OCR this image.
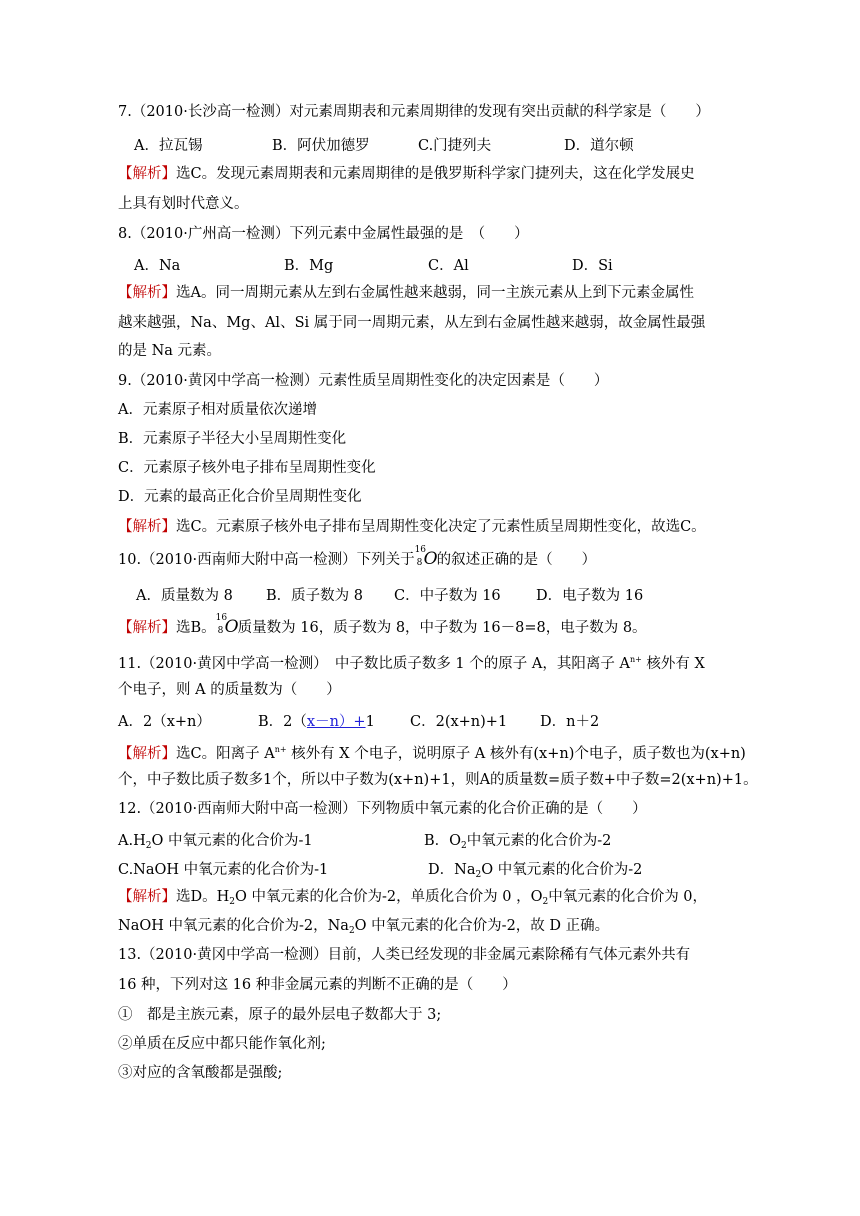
7.（2010·长沙高一检测）对元素周期表和元素周期律的发现有突出贡献的科学家是（　　）
A．拉瓦锡	B．阿伏加德罗	C.门捷列夫	D．道尔顿
【解析】选C。发现元素周期表和元素周期律的是俄罗斯科学家门捷列夫，这在化学发展史
上具有划时代意义。
8.（2010·广州高一检测）下列元素中金属性最强的是　（　　）
A．Na	B．Mg	C．Al	D．Si
【解析】选A。同一周期元素从左到右金属性越来越弱，同一主族元素从上到下元素金属性
越来越强，Na、Mg、Al、Si 属于同一周期元素，从左到右金属性越来越弱，故金属性最强
的是 Na 元素。
9.（2010·黄冈中学高一检测）元素性质呈周期性变化的决定因素是（　　）
A．元素原子相对质量依次递增
B．元素原子半径大小呈周期性变化
C．元素原子核外电子排布呈周期性变化
D．元素的最高正化合价呈周期性变化
【解析】选C。元素原子核外电子排布呈周期性变化决定了元素性质呈周期性变化，故选C。
10.（2010·西南师大附中高一检测）下列关于
16
8 O 的叙述正确的是（　　）
A．质量数为 8 B．质子数为 8 C．中子数为 16 D．电子数为 16
【解析】选B。
16
8 O 质量数为 16，质子数为 8，中子数为 16－8=8，电子数为 8。
11.（2010·黄冈中学高一检测）　中子数比质子数多 1 个的原子 A，其阳离子 $A^{n+}$ 核外有 X
个电子，则 A 的质量数为（　　）
A．2（x+n）	B．2（x－n）+1 C．2(x+n)+1 D．n＋2
【解析】选C。阳离子 $A^{n+}$ 核外有 X 个电子，说明原子 A 核外有(x+n)个电子，质子数也为(x+n)
个，中子数比质子数多1个，所以中子数为(x+n)+1，则A的质量数=质子数+中子数=2(x+n)+1。
12.（2010·西南师大附中高一检测）下列物质中氧元素的化合价正确的是（　　）
$A.H_2O$ 中氧元素的化合价为-1	B．$O_2$中氧元素的化合价为-2
C.NaOH 中氧元素的化合价为-1	D．$Na_2O$ 中氧元素的化合价为-2
【解析】选D。$H_2O$ 中氧元素的化合价为-2，单质化合价为 0 ，$O_2$中氧元素的化合价为 0，
NaOH 中氧元素的化合价为-2，$Na_2O$ 中氧元素的化合价为-2，故 D 正确。
13.（2010·黄冈中学高一检测）目前，人类已经发现的非金属元素除稀有气体元素外共有
16 种，下列对这 16 种非金属元素的判断不正确的是（　　）
①　都是主族元素，原子的最外层电子数都大于 3;
②单质在反应中都只能作氧化剂;
③对应的含氧酸都是强酸;
